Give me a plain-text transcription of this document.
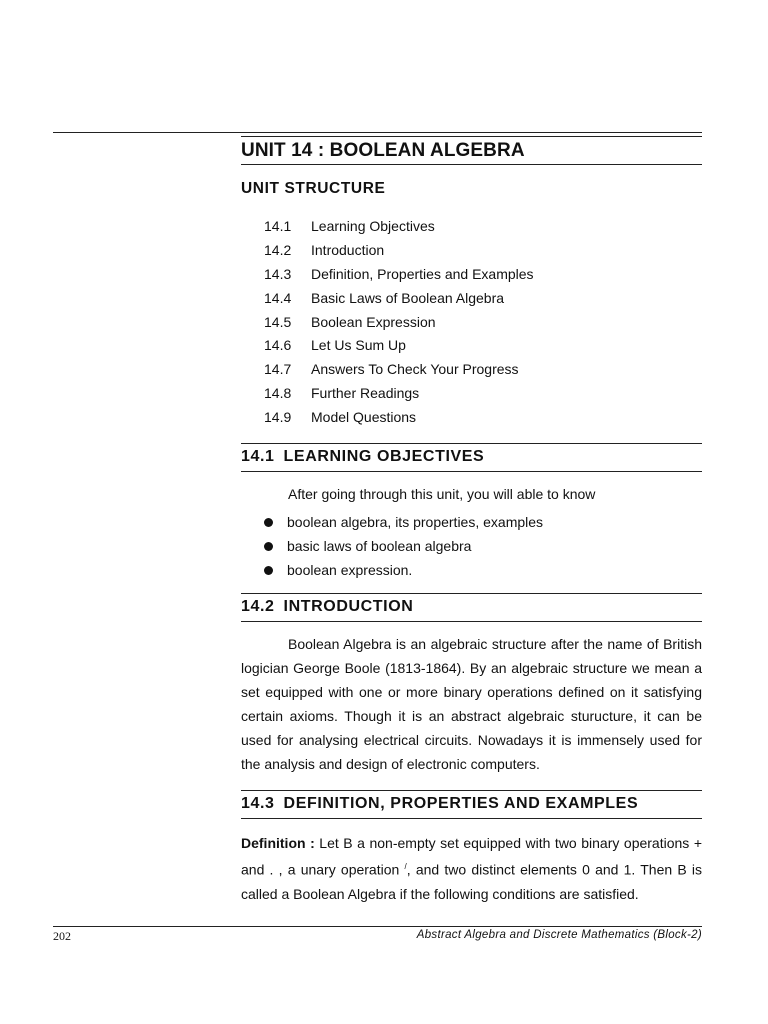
UNIT 14 : BOOLEAN ALGEBRA
UNIT STRUCTURE
14.1	Learning Objectives
14.2	Introduction
14.3	Definition, Properties and Examples
14.4	Basic Laws of Boolean Algebra
14.5	Boolean Expression
14.6	Let Us Sum Up
14.7	Answers To Check Your Progress
14.8	Further Readings
14.9	Model Questions
14.1 LEARNING OBJECTIVES
After going through this unit, you will able to know
boolean algebra, its properties, examples
basic laws of boolean algebra
boolean expression.
14.2 INTRODUCTION

Boolean Algebra is an algebraic structure after the name of British logician George Boole (1813-1864). By an algebraic structure we mean a set equipped with one or more binary operations defined on it satisfying certain axioms. Though it is an abstract algebraic sturucture, it can be used for analysing electrical circuits. Nowadays it is immensely used for the analysis and design of electronic computers.

14.3 DEFINITION, PROPERTIES AND EXAMPLES

Definition : Let B a non-empty set equipped with two binary operations + and . , a unary operation /, and two distinct elements 0 and 1. Then B is called a Boolean Algebra if the following conditions are satisfied.

202	Abstract Algebra and Discrete Mathematics (Block-2)
